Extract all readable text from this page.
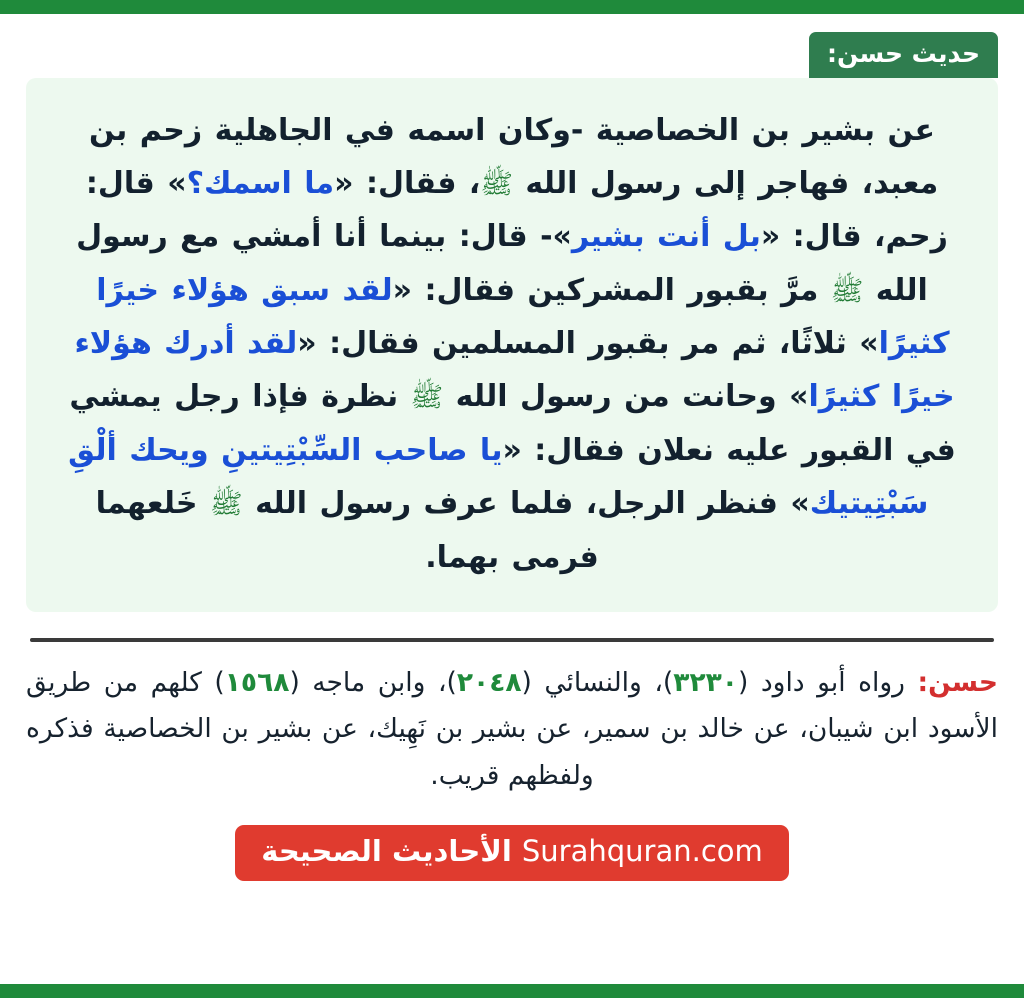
حديث حسن:
عن بشير بن الخصاصية -وكان اسمه في الجاهلية زحم بن معبد، فهاجر إلى رسول الله ﷺ، فقال: «ما اسمك؟» قال: زحم، قال: «بل أنت بشير»- قال: بينما أنا أمشي مع رسول الله ﷺ مرَّ بقبور المشركين فقال: «لقد سبق هؤلاء خيرًا كثيرًا» ثلاثًا، ثم مر بقبور المسلمين فقال: «لقد أدرك هؤلاء خيرًا كثيرًا» وحانت من رسول الله ﷺ نظرة فإذا رجل يمشي في القبور عليه نعلان فقال: «يا صاحب السِّبْتِيتينِ ويحك ألْقِ سَبْتِيتيك» فنظر الرجل، فلما عرف رسول الله ﷺ خَلعهما فرمى بهما.
حسن: رواه أبو داود (٣٢٣٠)، والنسائي (٢٠٤٨)، وابن ماجه (١٥٦٨) كلهم من طريق الأسود ابن شيبان، عن خالد بن سمير، عن بشير بن نَهِيك، عن بشير بن الخصاصية فذكره ولفظهم قريب.
Surahquran.com الأحاديث الصحيحة
